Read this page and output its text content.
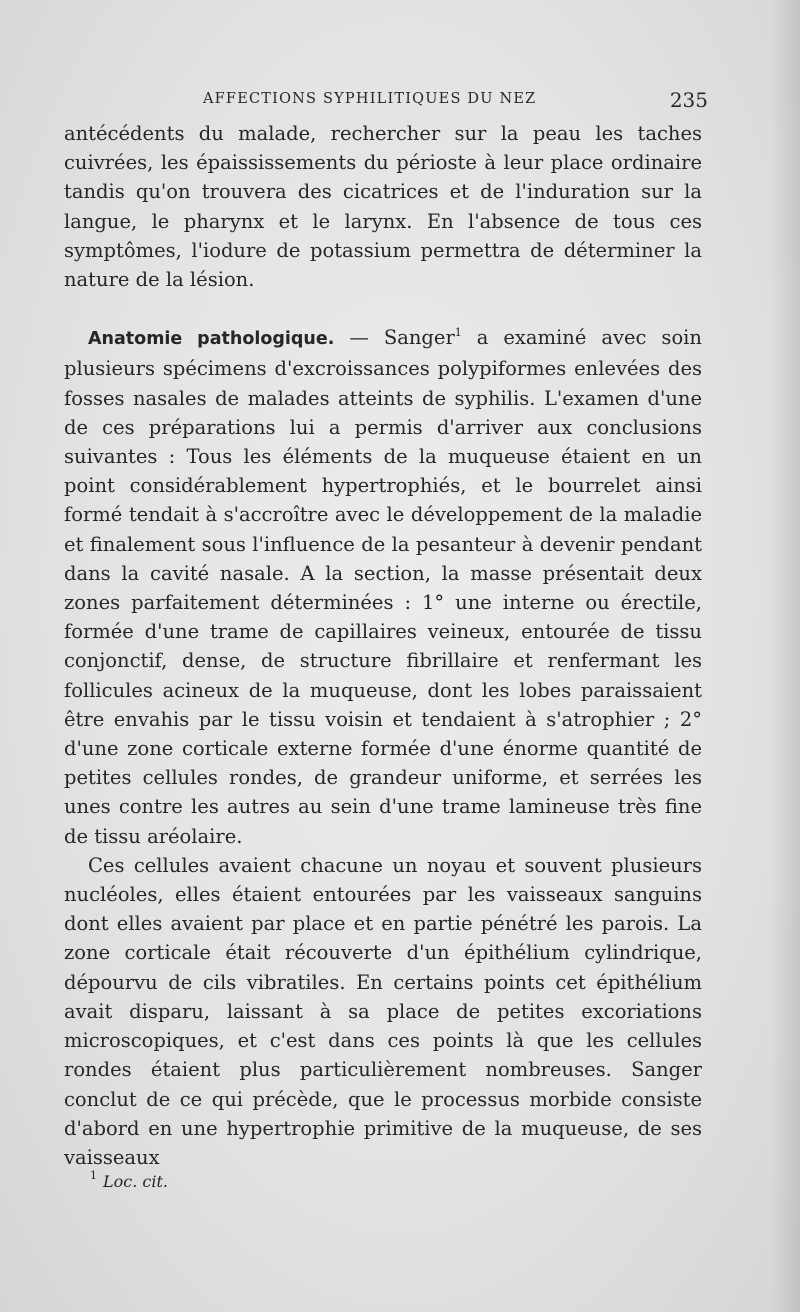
AFFECTIONS SYPHILITIQUES DU NEZ	235

antécédents du malade, rechercher sur la peau les taches cuivrées, les épaississements du périoste à leur place ordinaire tandis qu'on trouvera des cicatrices et de l'induration sur la langue, le pharynx et le larynx. En l'absence de tous ces symptômes, l'iodure de potassium permettra de déterminer la nature de la lésion.

Anatomie pathologique. — Sanger$^1$ a examiné avec soin plusieurs spécimens d'excroissances polypiformes enlevées des fosses nasales de malades atteints de syphilis. L'examen d'une de ces préparations lui a permis d'arriver aux conclusions suivantes : Tous les éléments de la muqueuse étaient en un point considérablement hypertrophiés, et le bourrelet ainsi formé tendait à s'accroître avec le développement de la maladie et finalement sous l'influence de la pesanteur à devenir pendant dans la cavité nasale. A la section, la masse présentait deux zones parfaitement déterminées : 1° une interne ou érectile, formée d'une trame de capillaires veineux, entourée de tissu conjonctif, dense, de structure fibrillaire et renfermant les follicules acineux de la muqueuse, dont les lobes paraissaient être envahis par le tissu voisin et tendaient à s'atrophier ; 2° d'une zone corticale externe formée d'une énorme quantité de petites cellules rondes, de grandeur uniforme, et serrées les unes contre les autres au sein d'une trame lamineuse très fine de tissu aréolaire.

Ces cellules avaient chacune un noyau et souvent plusieurs nucléoles, elles étaient entourées par les vaisseaux sanguins dont elles avaient par place et en partie pénétré les parois. La zone corticale était récouverte d'un épithélium cylindrique, dépourvu de cils vibratiles. En certains points cet épithélium avait disparu, laissant à sa place de petites excoriations microscopiques, et c'est dans ces points là que les cellules rondes étaient plus particulièrement nombreuses. Sanger conclut de ce qui précède, que le processus morbide consiste d'abord en une hypertrophie primitive de la muqueuse, de ses vaisseaux

$^1$ Loc. cit.
